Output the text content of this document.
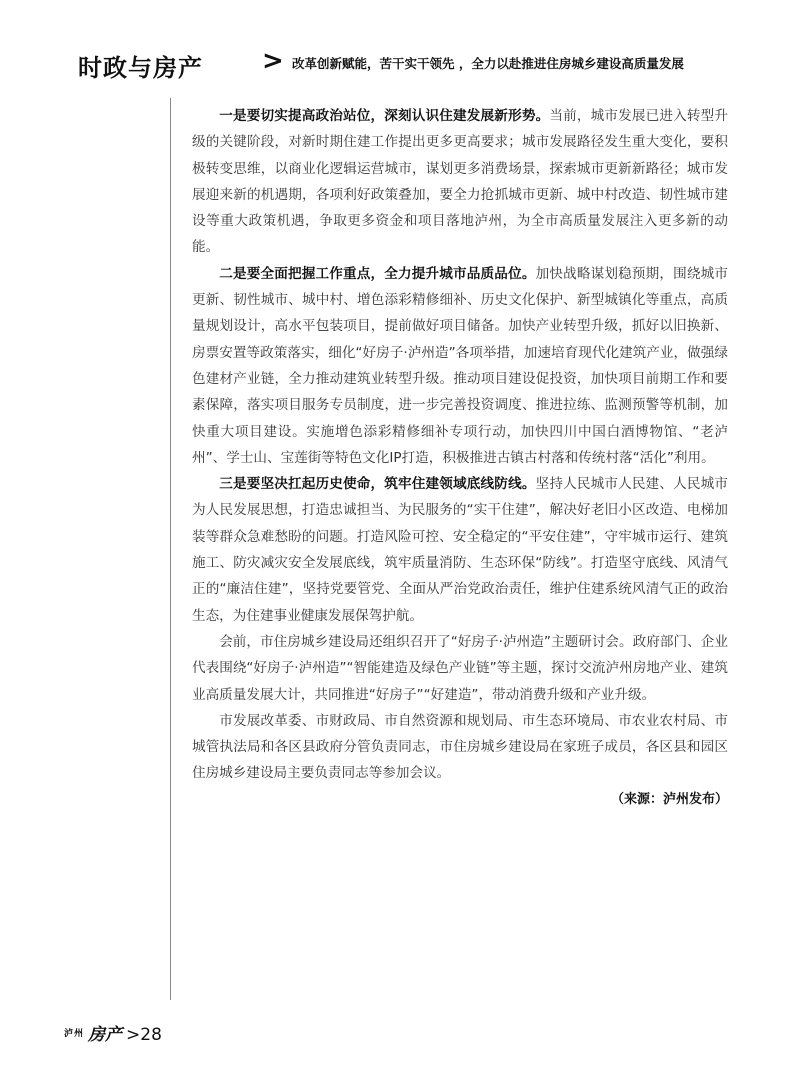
时政与房产 > 改革创新赋能，苦干实干领先 ，全力以赴推进住房城乡建设高质量发展

一是要切实提高政治站位，深刻认识住建发展新形势。当前，城市发展已进入转型升级的关键阶段，对新时期住建工作提出更多更高要求；城市发展路径发生重大变化，要积极转变思维，以商业化逻辑运营城市，谋划更多消费场景，探索城市更新新路径；城市发展迎来新的机遇期，各项利好政策叠加，要全力抢抓城市更新、城中村改造、韧性城市建设等重大政策机遇，争取更多资金和项目落地泸州，为全市高质量发展注入更多新的动能。

二是要全面把握工作重点，全力提升城市品质品位。加快战略谋划稳预期，围绕城市更新、韧性城市、城中村、增色添彩精修细补、历史文化保护、新型城镇化等重点，高质量规划设计，高水平包装项目，提前做好项目储备。加快产业转型升级，抓好以旧换新、房票安置等政策落实，细化“好房子·泸州造”各项举措，加速培育现代化建筑产业，做强绿色建材产业链，全力推动建筑业转型升级。推动项目建设促投资，加快项目前期工作和要素保障，落实项目服务专员制度，进一步完善投资调度、推进拉练、监测预警等机制，加快重大项目建设。实施增色添彩精修细补专项行动，加快四川中国白酒博物馆、“老泸州”、学士山、宝莲街等特色文化IP打造，积极推进古镇古村落和传统村落“活化”利用。

三是要坚决扛起历史使命，筑牢住建领域底线防线。坚持人民城市人民建、人民城市为人民发展思想，打造忠诚担当、为民服务的“实干住建”，解决好老旧小区改造、电梯加装等群众急难愁盼的问题。打造风险可控、安全稳定的“平安住建”，守牢城市运行、建筑施工、防灾减灾安全发展底线，筑牢质量消防、生态环保“防线”。打造坚守底线、风清气正的“廉洁住建”，坚持党要管党、全面从严治党政治责任，维护住建系统风清气正的政治生态，为住建事业健康发展保驾护航。

会前，市住房城乡建设局还组织召开了“好房子·泸州造”主题研讨会。政府部门、企业代表围绕“好房子·泸州造”“智能建造及绿色产业链”等主题，探讨交流泸州房地产业、建筑业高质量发展大计，共同推进“好房子”“好建造”，带动消费升级和产业升级。

市发展改革委、市财政局、市自然资源和规划局、市生态环境局、市农业农村局、市城管执法局和各区县政府分管负责同志，市住房城乡建设局在家班子成员，各区县和园区住房城乡建设局主要负责同志等参加会议。

（来源：泸州发布）
$^{泸州}$ 房产 >28
